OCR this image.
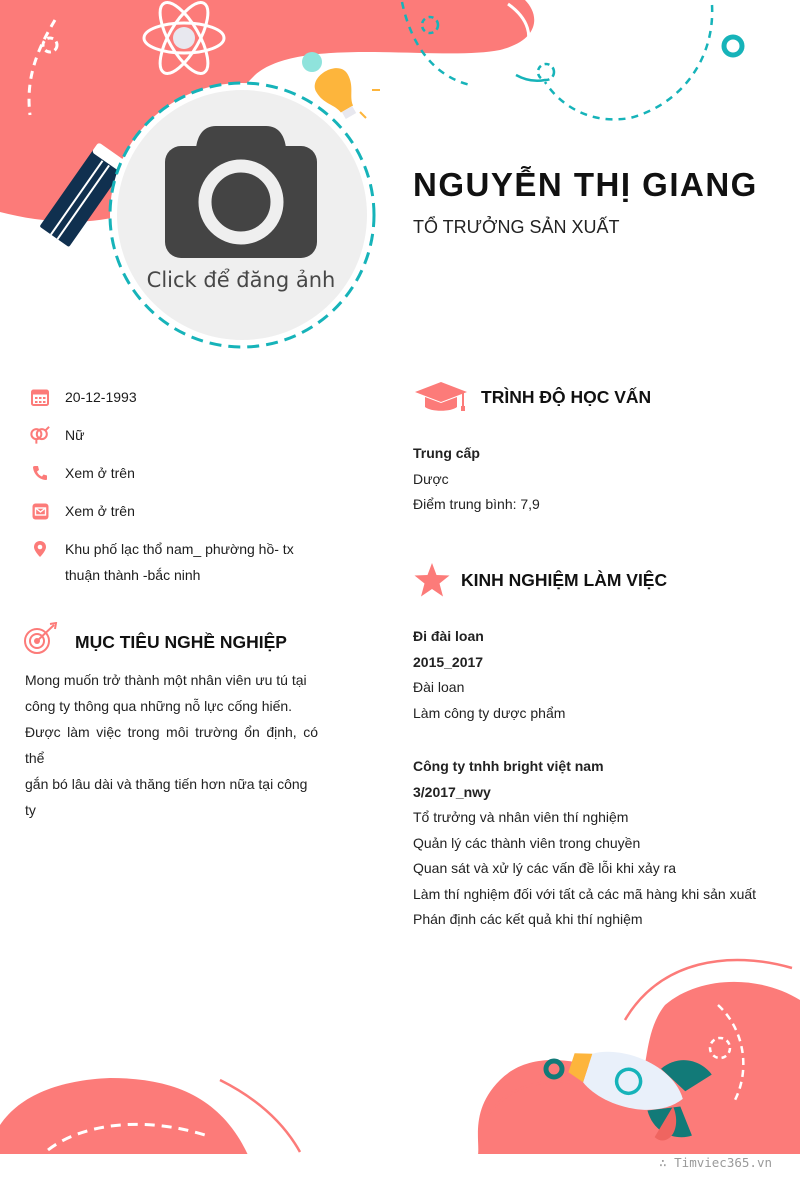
Click để đăng ảnh
NGUYỄN THỊ GIANG
TỔ TRƯỞNG SẢN XUẤT
20-12-1993
Nữ
Xem ở trên
Xem ở trên
Khu phố lạc thổ nam_ phường hồ- tx
thuận thành -bắc ninh
MỤC TIÊU NGHỀ NGHIỆP
Mong muốn trở thành một nhân viên ưu tú tại
công ty thông qua những nỗ lực cống hiến.
Được làm việc trong môi trường ổn định, có thể
gắn bó lâu dài và thăng tiến hơn nữa tại công
ty
TRÌNH ĐỘ HỌC VẤN
Trung cấp
Dược
Điểm trung bình: 7,9
KINH NGHIỆM LÀM VIỆC
Đi đài loan
2015_2017
Đài loan
Làm công ty dược phẩm
Công ty tnhh bright việt nam
3/2017_nwy
Tổ trưởng và nhân viên thí nghiệm
Quản lý các thành viên trong chuyền
Quan sát và xử lý các vấn đề lỗi khi xảy ra
Làm thí nghiệm đối với tất cả các mã hàng khi sản xuất
Phán định các kết quả khi thí nghiệm
∴ Timviec365.vn
